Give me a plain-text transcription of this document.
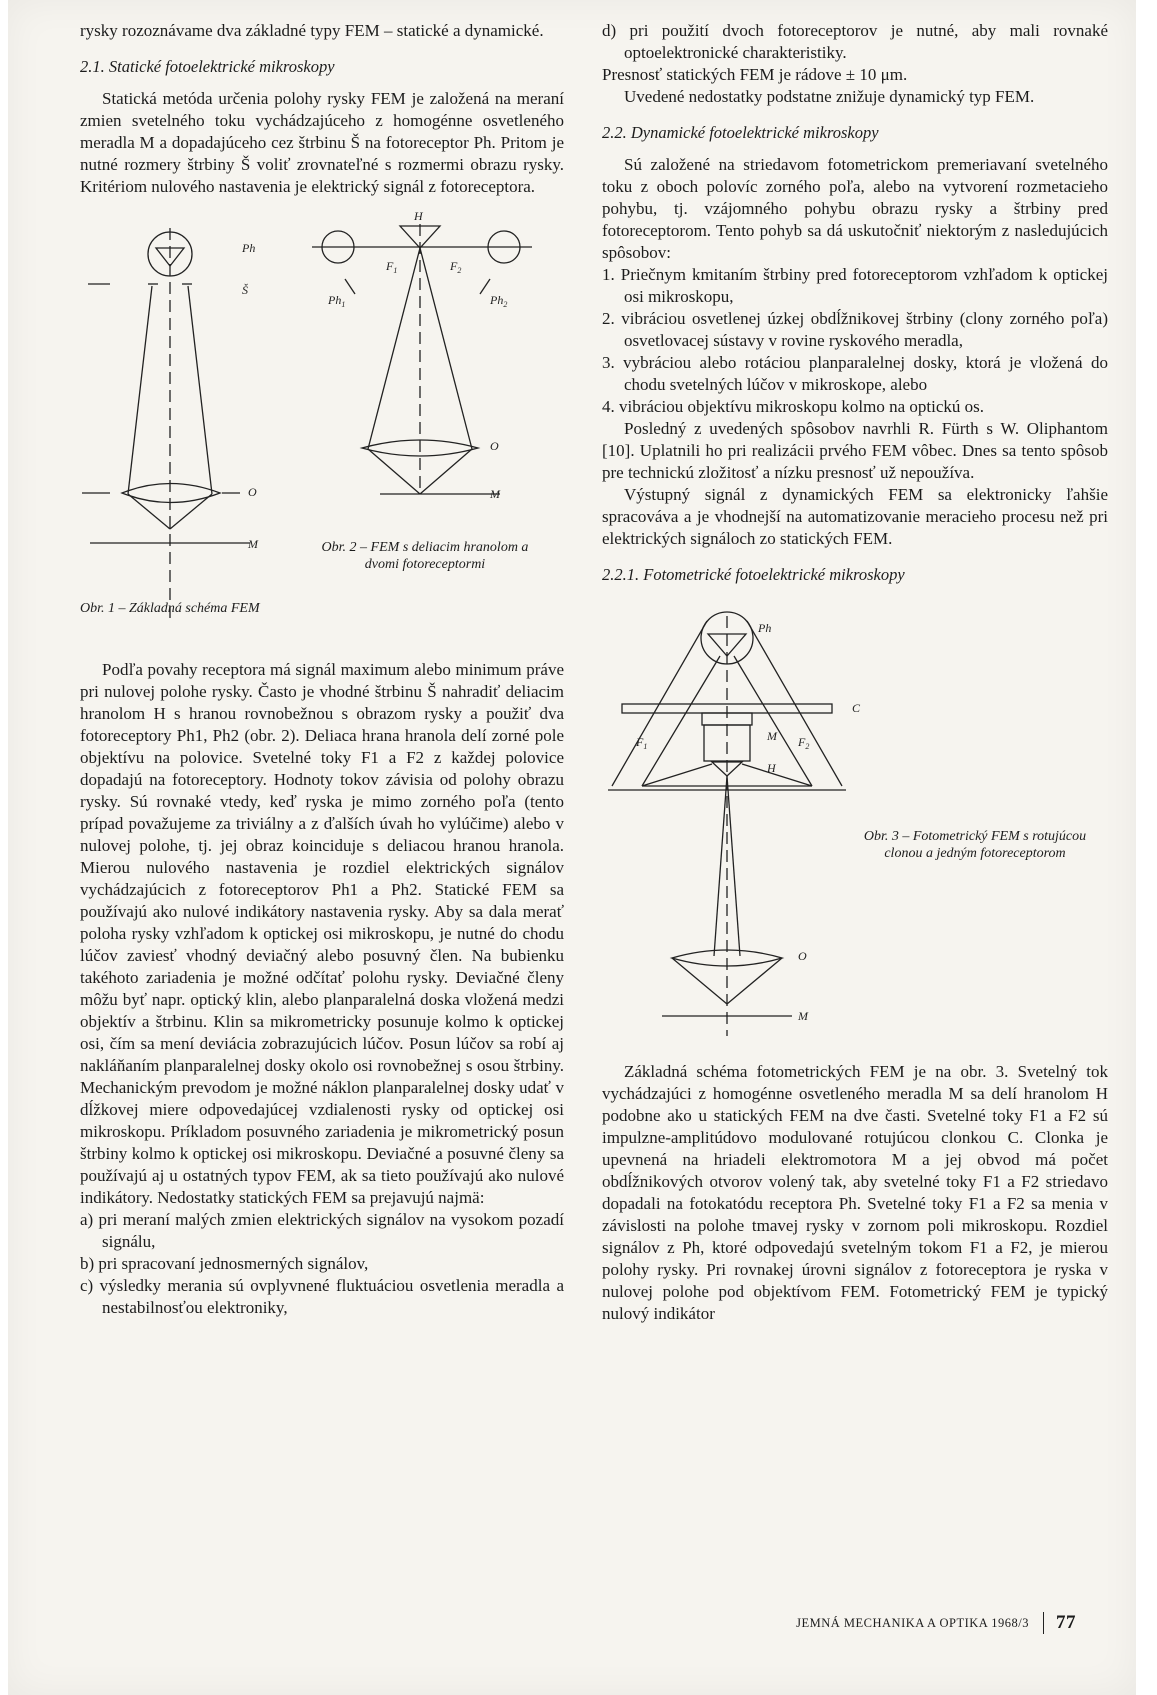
rysky rozoznávame dva základné typy FEM – statické a dynamické.

2.1. Statické fotoelektrické mikroskopy

Statická metóda určenia polohy rysky FEM je založená na meraní zmien svetelného toku vychádzajúceho z homogénne osvetleného meradla M a dopadajúceho cez štrbinu Š na fotoreceptor Ph. Pritom je nutné rozmery štrbiny Š voliť zrovnateľné s rozmermi obrazu rysky. Kritériom nulového nastavenia je elektrický signál z fotoreceptora.

Ph
Š
O
M
H
$F_1$	$F_2$
$Ph_1$	$Ph_2$
O
M
Obr. 2 – FEM s deliacim hranolom a dvomi fotoreceptormi
Obr. 1 – Základná schéma FEM

Podľa povahy receptora má signál maximum alebo minimum práve pri nulovej polohe rysky. Často je vhodné štrbinu Š nahradiť deliacim hranolom H s hranou rovnobežnou s obrazom rysky a použiť dva fotoreceptory Ph1, Ph2 (obr. 2). Deliaca hrana hranola delí zorné pole objektívu na polovice. Svetelné toky F1 a F2 z každej polovice dopadajú na fotoreceptory. Hodnoty tokov závisia od polohy obrazu rysky. Sú rovnaké vtedy, keď ryska je mimo zorného poľa (tento prípad považujeme za triviálny a z ďalších úvah ho vylúčime) alebo v nulovej polohe, tj. jej obraz koinciduje s deliacou hranou hranola. Mierou nulového nastavenia je rozdiel elektrických signálov vychádzajúcich z fotoreceptorov Ph1 a Ph2. Statické FEM sa používajú ako nulové indikátory nastavenia rysky. Aby sa dala merať poloha rysky vzhľadom k optickej osi mikroskopu, je nutné do chodu lúčov zaviesť vhodný deviačný alebo posuvný člen. Na bubienku takéhoto zariadenia je možné odčítať polohu rysky. Deviačné členy môžu byť napr. optický klin, alebo planparalelná doska vložená medzi objektív a štrbinu. Klin sa mikrometricky posunuje kolmo k optickej osi, čím sa mení deviácia zobrazujúcich lúčov. Posun lúčov sa robí aj nakláňaním planparalelnej dosky okolo osi rovnobežnej s osou štrbiny. Mechanickým prevodom je možné náklon planparalelnej dosky udať v dĺžkovej miere odpovedajúcej vzdialenosti rysky od optickej osi mikroskopu. Príkladom posuvného zariadenia je mikrometrický posun štrbiny kolmo k optickej osi mikroskopu. Deviačné a posuvné členy sa používajú aj u ostatných typov FEM, ak sa tieto používajú ako nulové indikátory. Nedostatky statických FEM sa prejavujú najmä:

a) pri meraní malých zmien elektrických signálov na vysokom pozadí signálu,
b) pri spracovaní jednosmerných signálov,
c) výsledky merania sú ovplyvnené fluktuáciou osvetlenia meradla a nestabilnosťou elektroniky,
d) pri použití dvoch fotoreceptorov je nutné, aby mali rovnaké optoelektronické charakteristiky.

Presnosť statických FEM je rádove ± 10 μm.

Uvedené nedostatky podstatne znižuje dynamický typ FEM.

2.2. Dynamické fotoelektrické mikroskopy

Sú založené na striedavom fotometrickom premeriavaní svetelného toku z oboch polovíc zorného poľa, alebo na vytvorení rozmetacieho pohybu, tj. vzájomného pohybu obrazu rysky a štrbiny pred fotoreceptorom. Tento pohyb sa dá uskutočniť niektorým z nasledujúcich spôsobov:

1. Priečnym kmitaním štrbiny pred fotoreceptorom vzhľadom k optickej osi mikroskopu,
2. vibráciou osvetlenej úzkej obdĺžnikovej štrbiny (clony zorného poľa) osvetlovacej sústavy v rovine ryskového meradla,
3. vybráciou alebo rotáciou planparalelnej dosky, ktorá je vložená do chodu svetelných lúčov v mikroskope, alebo
4. vibráciou objektívu mikroskopu kolmo na optickú os.

Posledný z uvedených spôsobov navrhli R. Fürth s W. Oliphantom [10]. Uplatnili ho pri realizácii prvého FEM vôbec. Dnes sa tento spôsob pre technickú zložitosť a nízku presnosť už nepoužíva.

Výstupný signál z dynamických FEM sa elektronicky ľahšie spracováva a je vhodnejší na automatizovanie meracieho procesu než pri elektrických signáloch zo statických FEM.

2.2.1. Fotometrické fotoelektrické mikroskopy
Ph
C
M
H
$F_1$	$F_2$
O
M
Obr. 3 – Fotometrický FEM s rotujúcou clonou a jedným fotoreceptorom

Základná schéma fotometrických FEM je na obr. 3. Svetelný tok vychádzajúci z homogénne osvetleného meradla M sa delí hranolom H podobne ako u statických FEM na dve časti. Svetelné toky F1 a F2 sú impulzne-amplitúdovo modulované rotujúcou clonkou C. Clonka je upevnená na hriadeli elektromotora M a jej obvod má počet obdĺžnikových otvorov volený tak, aby svetelné toky F1 a F2 striedavo dopadali na fotokatódu receptora Ph. Svetelné toky F1 a F2 sa menia v závislosti na polohe tmavej rysky v zornom poli mikroskopu. Rozdiel signálov z Ph, ktoré odpovedajú svetelným tokom F1 a F2, je mierou polohy rysky. Pri rovnakej úrovni signálov z fotoreceptora je ryska v nulovej polohe pod objektívom FEM. Fotometrický FEM je typický nulový indikátor

JEMNÁ MECHANIKA A OPTIKA 1968/3 77
